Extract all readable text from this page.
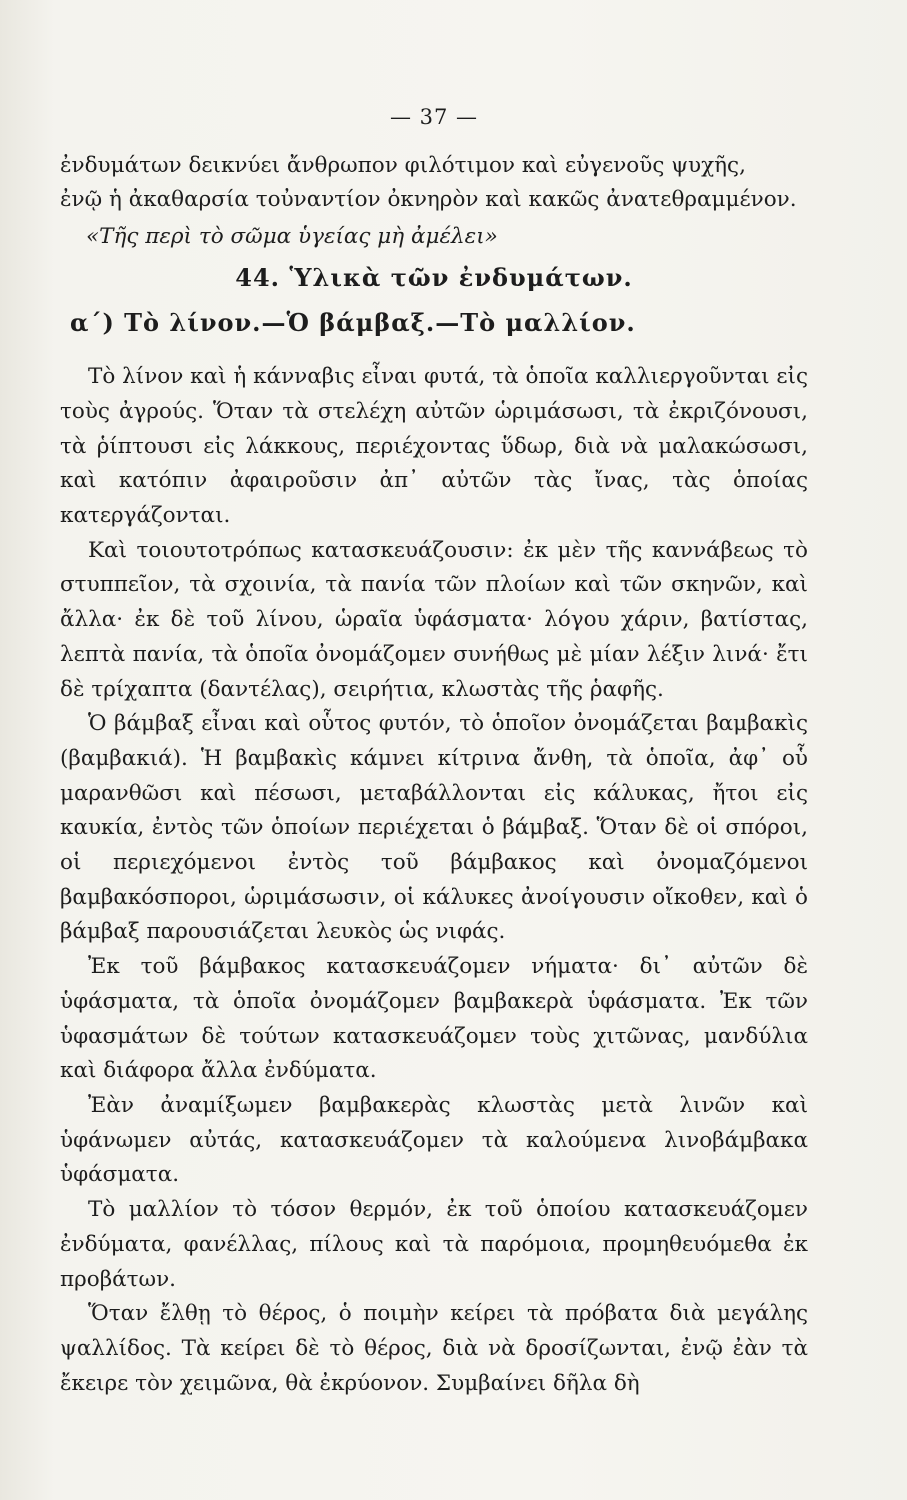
— 37 —

ἐνδυμάτων δεικνύει ἄνθρωπον φιλότιμον καὶ εὐγενοῦς ψυχῆς,

ἐνῷ ἡ ἀκαθαρσία τοὐναντίον ὀκνηρὸν καὶ κακῶς ἀνατεθραμμένον.

«Τῆς περὶ τὸ σῶμα ὑγείας μὴ ἀμέλει»

44. Ὑλικὰ τῶν ἐνδυμάτων.
α΄) Τὸ λίνον.—Ὁ βάμβαξ.—Τὸ μαλλίον.

Τὸ λίνον καὶ ἡ κάνναβις εἶναι φυτά, τὰ ὁποῖα καλλιεργοῦνται εἰς τοὺς ἀγρούς. Ὅταν τὰ στελέχη αὐτῶν ὡριμάσωσι, τὰ ἐκριζόνουσι, τὰ ῥίπτουσι εἰς λάκκους, περιέχοντας ὕδωρ, διὰ νὰ μαλακώσωσι, καὶ κατόπιν ἀφαιροῦσιν ἀπ᾽ αὐτῶν τὰς ἴνας, τὰς ὁποίας κατεργάζονται.

Καὶ τοιουτοτρόπως κατασκευάζουσιν: ἐκ μὲν τῆς καννάβεως τὸ στυππεῖον, τὰ σχοινία, τὰ πανία τῶν πλοίων καὶ τῶν σκηνῶν, καὶ ἄλλα· ἐκ δὲ τοῦ λίνου, ὡραῖα ὑφάσματα· λόγου χάριν, βατίστας, λεπτὰ πανία, τὰ ὁποῖα ὀνομάζομεν συνήθως μὲ μίαν λέξιν λινά· ἔτι δὲ τρίχαπτα (δαντέλας), σειρήτια, κλωστὰς τῆς ῥαφῆς.

Ὁ βάμβαξ εἶναι καὶ οὗτος φυτόν, τὸ ὁποῖον ὀνομάζεται βαμβακὶς (βαμβακιά). Ἡ βαμβακὶς κάμνει κίτρινα ἄνθη, τὰ ὁποῖα, ἀφ᾽ οὗ μαρανθῶσι καὶ πέσωσι, μεταβάλλονται εἰς κάλυκας, ἤτοι εἰς καυκία, ἐντὸς τῶν ὁποίων περιέχεται ὁ βάμβαξ. Ὅταν δὲ οἱ σπόροι, οἱ περιεχόμενοι ἐντὸς τοῦ βάμβακος καὶ ὀνομαζόμενοι βαμβακόσποροι, ὡριμάσωσιν, οἱ κάλυκες ἀνοίγουσιν οἴκοθεν, καὶ ὁ βάμβαξ παρουσιάζεται λευκὸς ὡς νιφάς.

Ἐκ τοῦ βάμβακος κατασκευάζομεν νήματα· δι᾽ αὐτῶν δὲ ὑφάσματα, τὰ ὁποῖα ὀνομάζομεν βαμβακερὰ ὑφάσματα. Ἐκ τῶν ὑφασμάτων δὲ τούτων κατασκευάζομεν τοὺς χιτῶνας, μανδύλια καὶ διάφορα ἄλλα ἐνδύματα.

Ἐὰν ἀναμίξωμεν βαμβακερὰς κλωστὰς μετὰ λινῶν καὶ ὑφάνωμεν αὐτάς, κατασκευάζομεν τὰ καλούμενα λινοβάμβακα ὑφάσματα.

Τὸ μαλλίον τὸ τόσον θερμόν, ἐκ τοῦ ὁποίου κατασκευάζομεν ἐνδύματα, φανέλλας, πίλους καὶ τὰ παρόμοια, προμηθευόμεθα ἐκ προβάτων.

Ὅταν ἔλθῃ τὸ θέρος, ὁ ποιμὴν κείρει τὰ πρόβατα διὰ μεγάλης ψαλλίδος. Τὰ κείρει δὲ τὸ θέρος, διὰ νὰ δροσίζωνται, ἐνῷ ἐὰν τὰ ἔκειρε τὸν χειμῶνα, θὰ ἐκρύονον. Συμβαίνει δῆλα δὴ
